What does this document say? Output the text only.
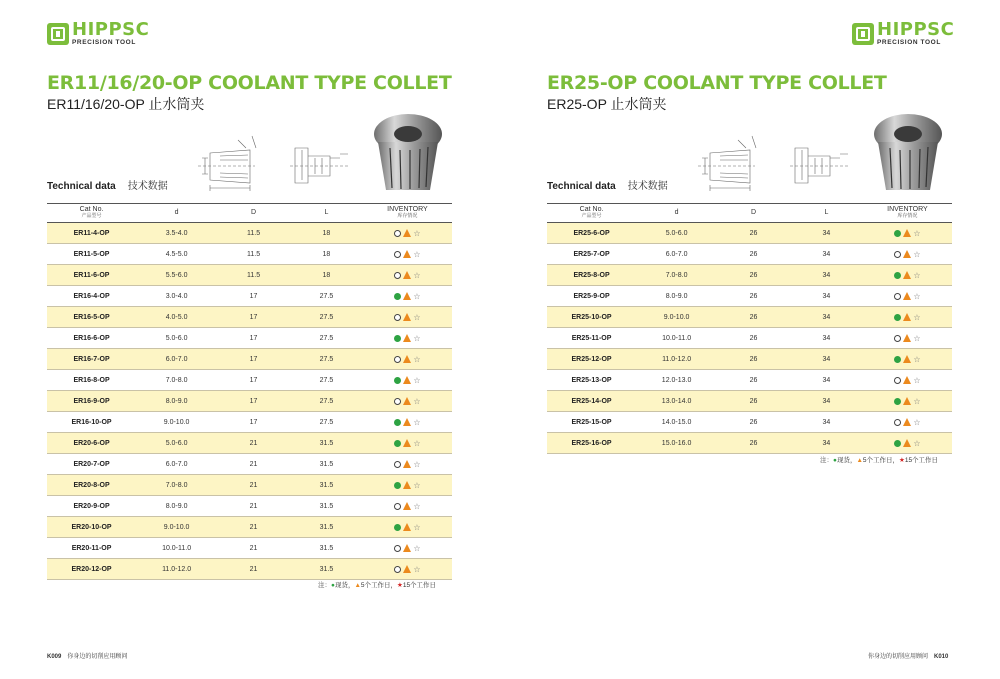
HIPPSC
PRECISION TOOL
ER11/16/20-OP COOLANT TYPE COLLET
ER11/16/20-OP 止水筒夹
Technical data 技术数据
Cat No.
产品型号	d	D	L	INVENTORY
库存情况

ER11-4-OP	3.5-4.0	11.5	18	☆
ER11-5-OP	4.5-5.0	11.5	18	☆
ER11-6-OP	5.5-6.0	11.5	18	☆
ER16-4-OP	3.0-4.0	17	27.5	☆
ER16-5-OP	4.0-5.0	17	27.5	☆
ER16-6-OP	5.0-6.0	17	27.5	☆
ER16-7-OP	6.0-7.0	17	27.5	☆
ER16-8-OP	7.0-8.0	17	27.5	☆
ER16-9-OP	8.0-9.0	17	27.5	☆
ER16-10-OP	9.0-10.0	17	27.5	☆
ER20-6-OP	5.0-6.0	21	31.5	☆
ER20-7-OP	6.0-7.0	21	31.5	☆
ER20-8-OP	7.0-8.0	21	31.5	☆
ER20-9-OP	8.0-9.0	21	31.5	☆
ER20-10-OP	9.0-10.0	21	31.5	☆
ER20-11-OP	10.0-11.0	21	31.5	☆
ER20-12-OP	11.0-12.0	21	31.5	☆
注：●现货，▲5个工作日，★15个工作日
K009 你身边的切削应用顾问
HIPPSC
PRECISION TOOL
ER25-OP COOLANT TYPE COLLET
ER25-OP 止水筒夹
Technical data 技术数据
Cat No.
产品型号	d	D	L	INVENTORY
库存情况

ER25-6-OP	5.0-6.0	26	34	☆
ER25-7-OP	6.0-7.0	26	34	☆
ER25-8-OP	7.0-8.0	26	34	☆
ER25-9-OP	8.0-9.0	26	34	☆
ER25-10-OP	9.0-10.0	26	34	☆
ER25-11-OP	10.0-11.0	26	34	☆
ER25-12-OP	11.0-12.0	26	34	☆
ER25-13-OP	12.0-13.0	26	34	☆
ER25-14-OP	13.0-14.0	26	34	☆
ER25-15-OP	14.0-15.0	26	34	☆
ER25-16-OP	15.0-16.0	26	34	☆
注：●现货，▲5个工作日，★15个工作日
你身边的切削应用顾问 K010
